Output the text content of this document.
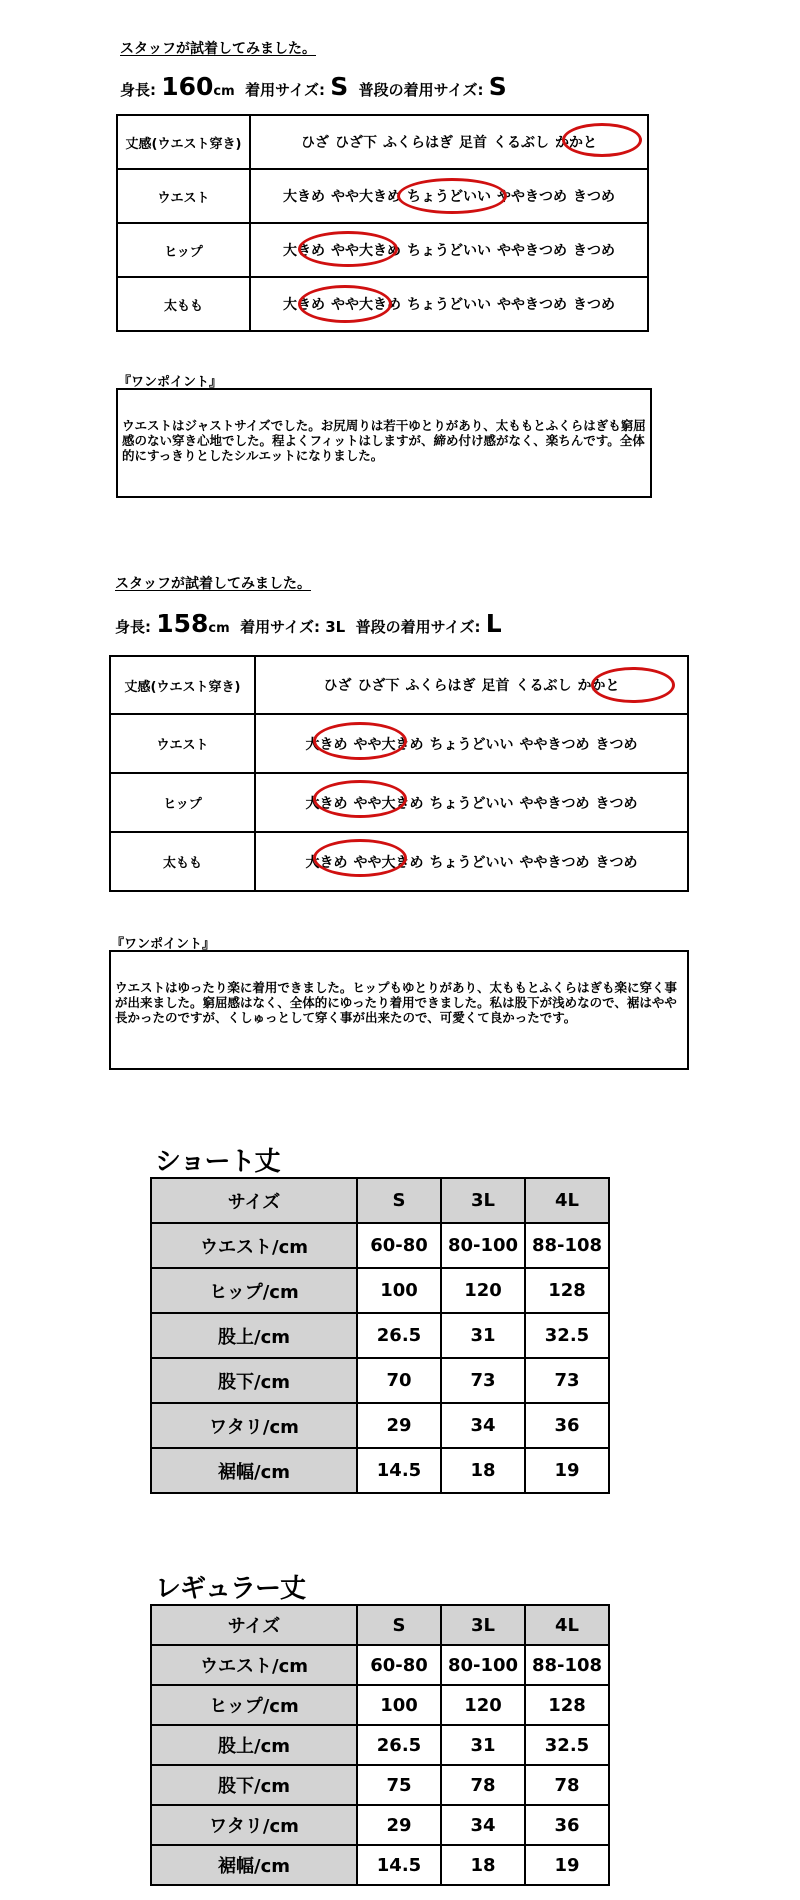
スタッフが試着してみました。
身長: 160cm 着用サイズ: S 普段の着用サイズ: S
丈感(ウエスト穿き)	ひざ ひざ下 ふくらはぎ 足首 くるぶし かかと
ウエスト	大きめ やや大きめ ちょうどいい ややきつめ きつめ
ヒップ	大きめ やや大きめ ちょうどいい ややきつめ きつめ
太もも	大きめ やや大きめ ちょうどいい ややきつめ きつめ
『ワンポイント』
ウエストはジャストサイズでした。お尻周りは若干ゆとりがあり、太ももとふくらはぎも窮屈感のない穿き心地でした。程よくフィットはしますが、締め付け感がなく、楽ちんです。全体的にすっきりとしたシルエットになりました。
スタッフが試着してみました。
身長: 158cm 着用サイズ: 3L 普段の着用サイズ: L
丈感(ウエスト穿き)	ひざ ひざ下 ふくらはぎ 足首 くるぶし かかと
ウエスト	大きめ やや大きめ ちょうどいい ややきつめ きつめ
ヒップ	大きめ やや大きめ ちょうどいい ややきつめ きつめ
太もも	大きめ やや大きめ ちょうどいい ややきつめ きつめ
『ワンポイント』
ウエストはゆったり楽に着用できました。ヒップもゆとりがあり、太ももとふくらはぎも楽に穿く事が出来ました。窮屈感はなく、全体的にゆったり着用できました。私は股下が浅めなので、裾はやや長かったのですが、くしゅっとして穿く事が出来たので、可愛くて良かったです。
ショート丈
サイズ	S	3L	4L
ウエスト/cm	60-80	80-100	88-108
ヒップ/cm	100	120	128
股上/cm	26.5	31	32.5
股下/cm	70	73	73
ワタリ/cm	29	34	36
裾幅/cm	14.5	18	19
レギュラー丈
サイズ	S	3L	4L
ウエスト/cm	60-80	80-100	88-108
ヒップ/cm	100	120	128
股上/cm	26.5	31	32.5
股下/cm	75	78	78
ワタリ/cm	29	34	36
裾幅/cm	14.5	18	19
